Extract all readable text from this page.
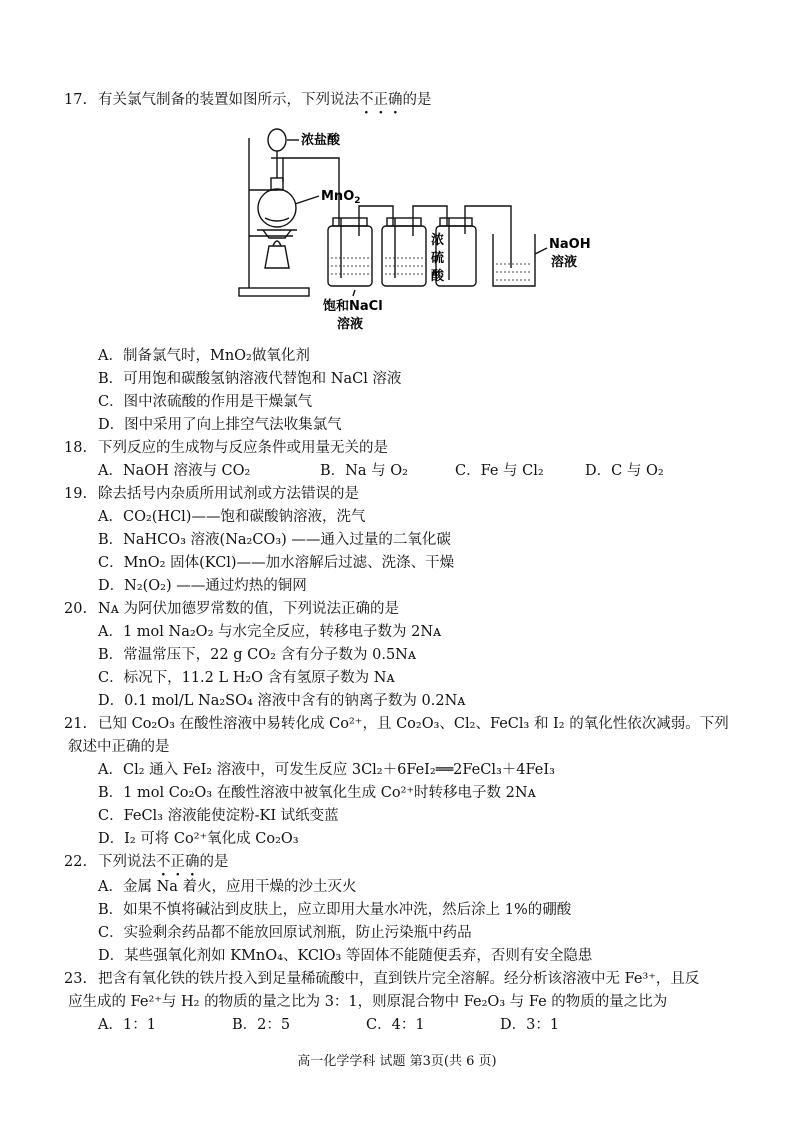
17. 有关氯气制备的装置如图所示，下列说法不正确的是
浓盐酸
MnO$_2$
浓
硫
酸
NaOH
溶液
饱和NaCl
溶液
A．制备氯气时，MnO₂做氧化剂
B．可用饱和碳酸氢钠溶液代替饱和 NaCl 溶液
C．图中浓硫酸的作用是干燥氯气
D．图中采用了向上排空气法收集氯气
18. 下列反应的生成物与反应条件或用量无关的是
A．NaOH 溶液与 CO₂	B．Na 与 O₂	C．Fe 与 Cl₂	D．C 与 O₂
19. 除去括号内杂质所用试剂或方法错误的是
A．CO₂(HCl)——饱和碳酸钠溶液，洗气
B．NaHCO₃ 溶液(Na₂CO₃) ——通入过量的二氧化碳
C．MnO₂ 固体(KCl)——加水溶解后过滤、洗涤、干燥
D．N₂(O₂) ——通过灼热的铜网
20. Nᴀ 为阿伏加德罗常数的值，下列说法正确的是
A．1 mol Na₂O₂ 与水完全反应，转移电子数为 2Nᴀ
B．常温常压下，22 g CO₂ 含有分子数为 0.5Nᴀ
C．标况下，11.2 L H₂O 含有氢原子数为 Nᴀ
D．0.1 mol/L Na₂SO₄ 溶液中含有的钠离子数为 0.2Nᴀ
21. 已知 Co₂O₃ 在酸性溶液中易转化成 Co²⁺，且 Co₂O₃、Cl₂、FeCl₃ 和 I₂ 的氧化性依次减弱。下列
叙述中正确的是
A．Cl₂ 通入 FeI₂ 溶液中，可发生反应 3Cl₂＋6FeI₂══2FeCl₃＋4FeI₃
B．1 mol Co₂O₃ 在酸性溶液中被氧化生成 Co²⁺时转移电子数 2Nᴀ
C．FeCl₃ 溶液能使淀粉-KI 试纸变蓝
D．I₂ 可将 Co²⁺氧化成 Co₂O₃
22. 下列说法不正确的是
A．金属 Na 着火，应用干燥的沙土灭火
B．如果不慎将碱沾到皮肤上，应立即用大量水冲洗，然后涂上 1%的硼酸
C．实验剩余药品都不能放回原试剂瓶，防止污染瓶中药品
D．某些强氧化剂如 KMnO₄、KClO₃ 等固体不能随便丢弃，否则有安全隐患
23. 把含有氧化铁的铁片投入到足量稀硫酸中，直到铁片完全溶解。经分析该溶液中无 Fe³⁺，且反
应生成的 Fe²⁺与 H₂ 的物质的量之比为 3：1，则原混合物中 Fe₂O₃ 与 Fe 的物质的量之比为
A．1：1	B．2：5	C．4：1	D．3：1
高一化学学科 试题 第3页(共 6 页)
